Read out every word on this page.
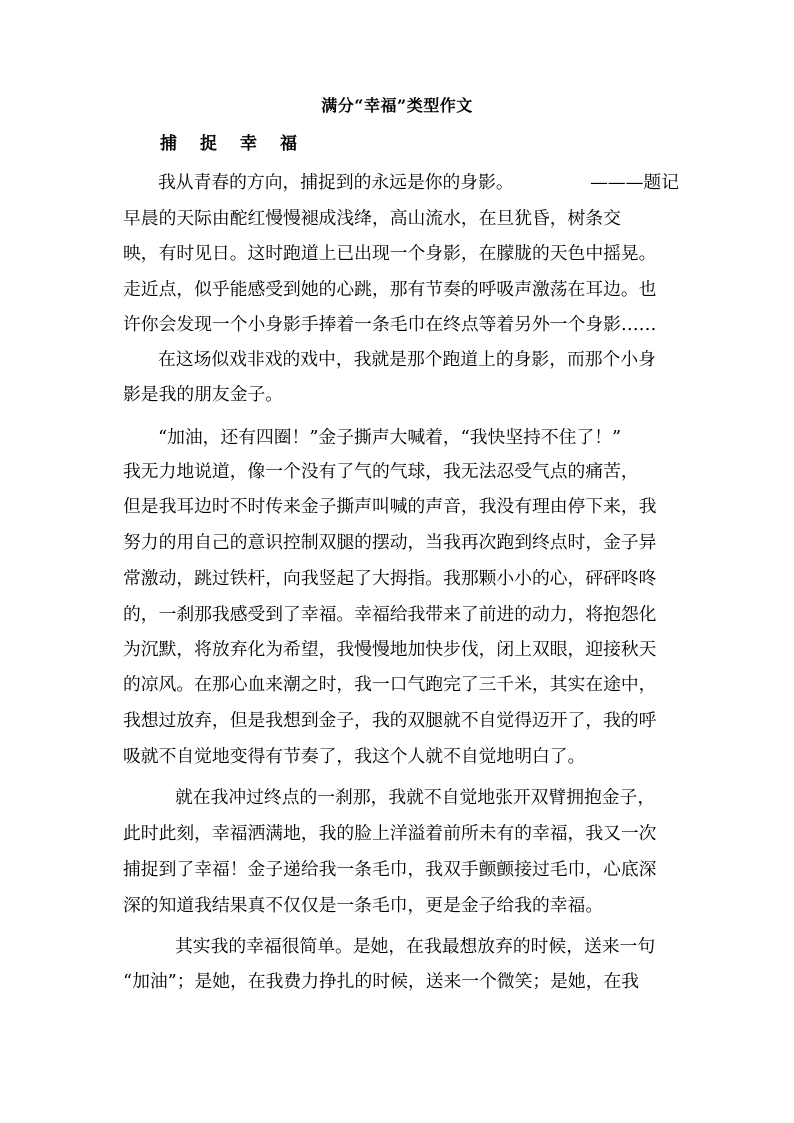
满分“幸福”类型作文
捕捉幸福
我从青春的方向，捕捉到的永远是你的身影。	———题记
早晨的天际由酡红慢慢褪成浅绛，高山流水，在旦犹昏，树条交
映，有时见日。这时跑道上已出现一个身影，在朦胧的天色中摇晃。
走近点，似乎能感受到她的心跳，那有节奏的呼吸声激荡在耳边。也
许你会发现一个小身影手捧着一条毛巾在终点等着另外一个身影……
在这场似戏非戏的戏中，我就是那个跑道上的身影，而那个小身
影是我的朋友金子。
“加油，还有四圈！”金子撕声大喊着，“我快坚持不住了！”
我无力地说道，像一个没有了气的气球，我无法忍受气点的痛苦，
但是我耳边时不时传来金子撕声叫喊的声音，我没有理由停下来，我
努力的用自己的意识控制双腿的摆动，当我再次跑到终点时，金子异
常激动，跳过铁杆，向我竖起了大拇指。我那颗小小的心，砰砰咚咚
的，一刹那我感受到了幸福。幸福给我带来了前进的动力，将抱怨化
为沉默，将放弃化为希望，我慢慢地加快步伐，闭上双眼，迎接秋天
的凉风。在那心血来潮之时，我一口气跑完了三千米，其实在途中，
我想过放弃，但是我想到金子，我的双腿就不自觉得迈开了，我的呼
吸就不自觉地变得有节奏了，我这个人就不自觉地明白了。
就在我冲过终点的一刹那，我就不自觉地张开双臂拥抱金子，
此时此刻，幸福洒满地，我的脸上洋溢着前所未有的幸福，我又一次
捕捉到了幸福！金子递给我一条毛巾，我双手颤颤接过毛巾，心底深
深的知道我结果真不仅仅是一条毛巾，更是金子给我的幸福。
其实我的幸福很简单。是她，在我最想放弃的时候，送来一句
“加油”；是她，在我费力挣扎的时候，送来一个微笑；是她，在我
